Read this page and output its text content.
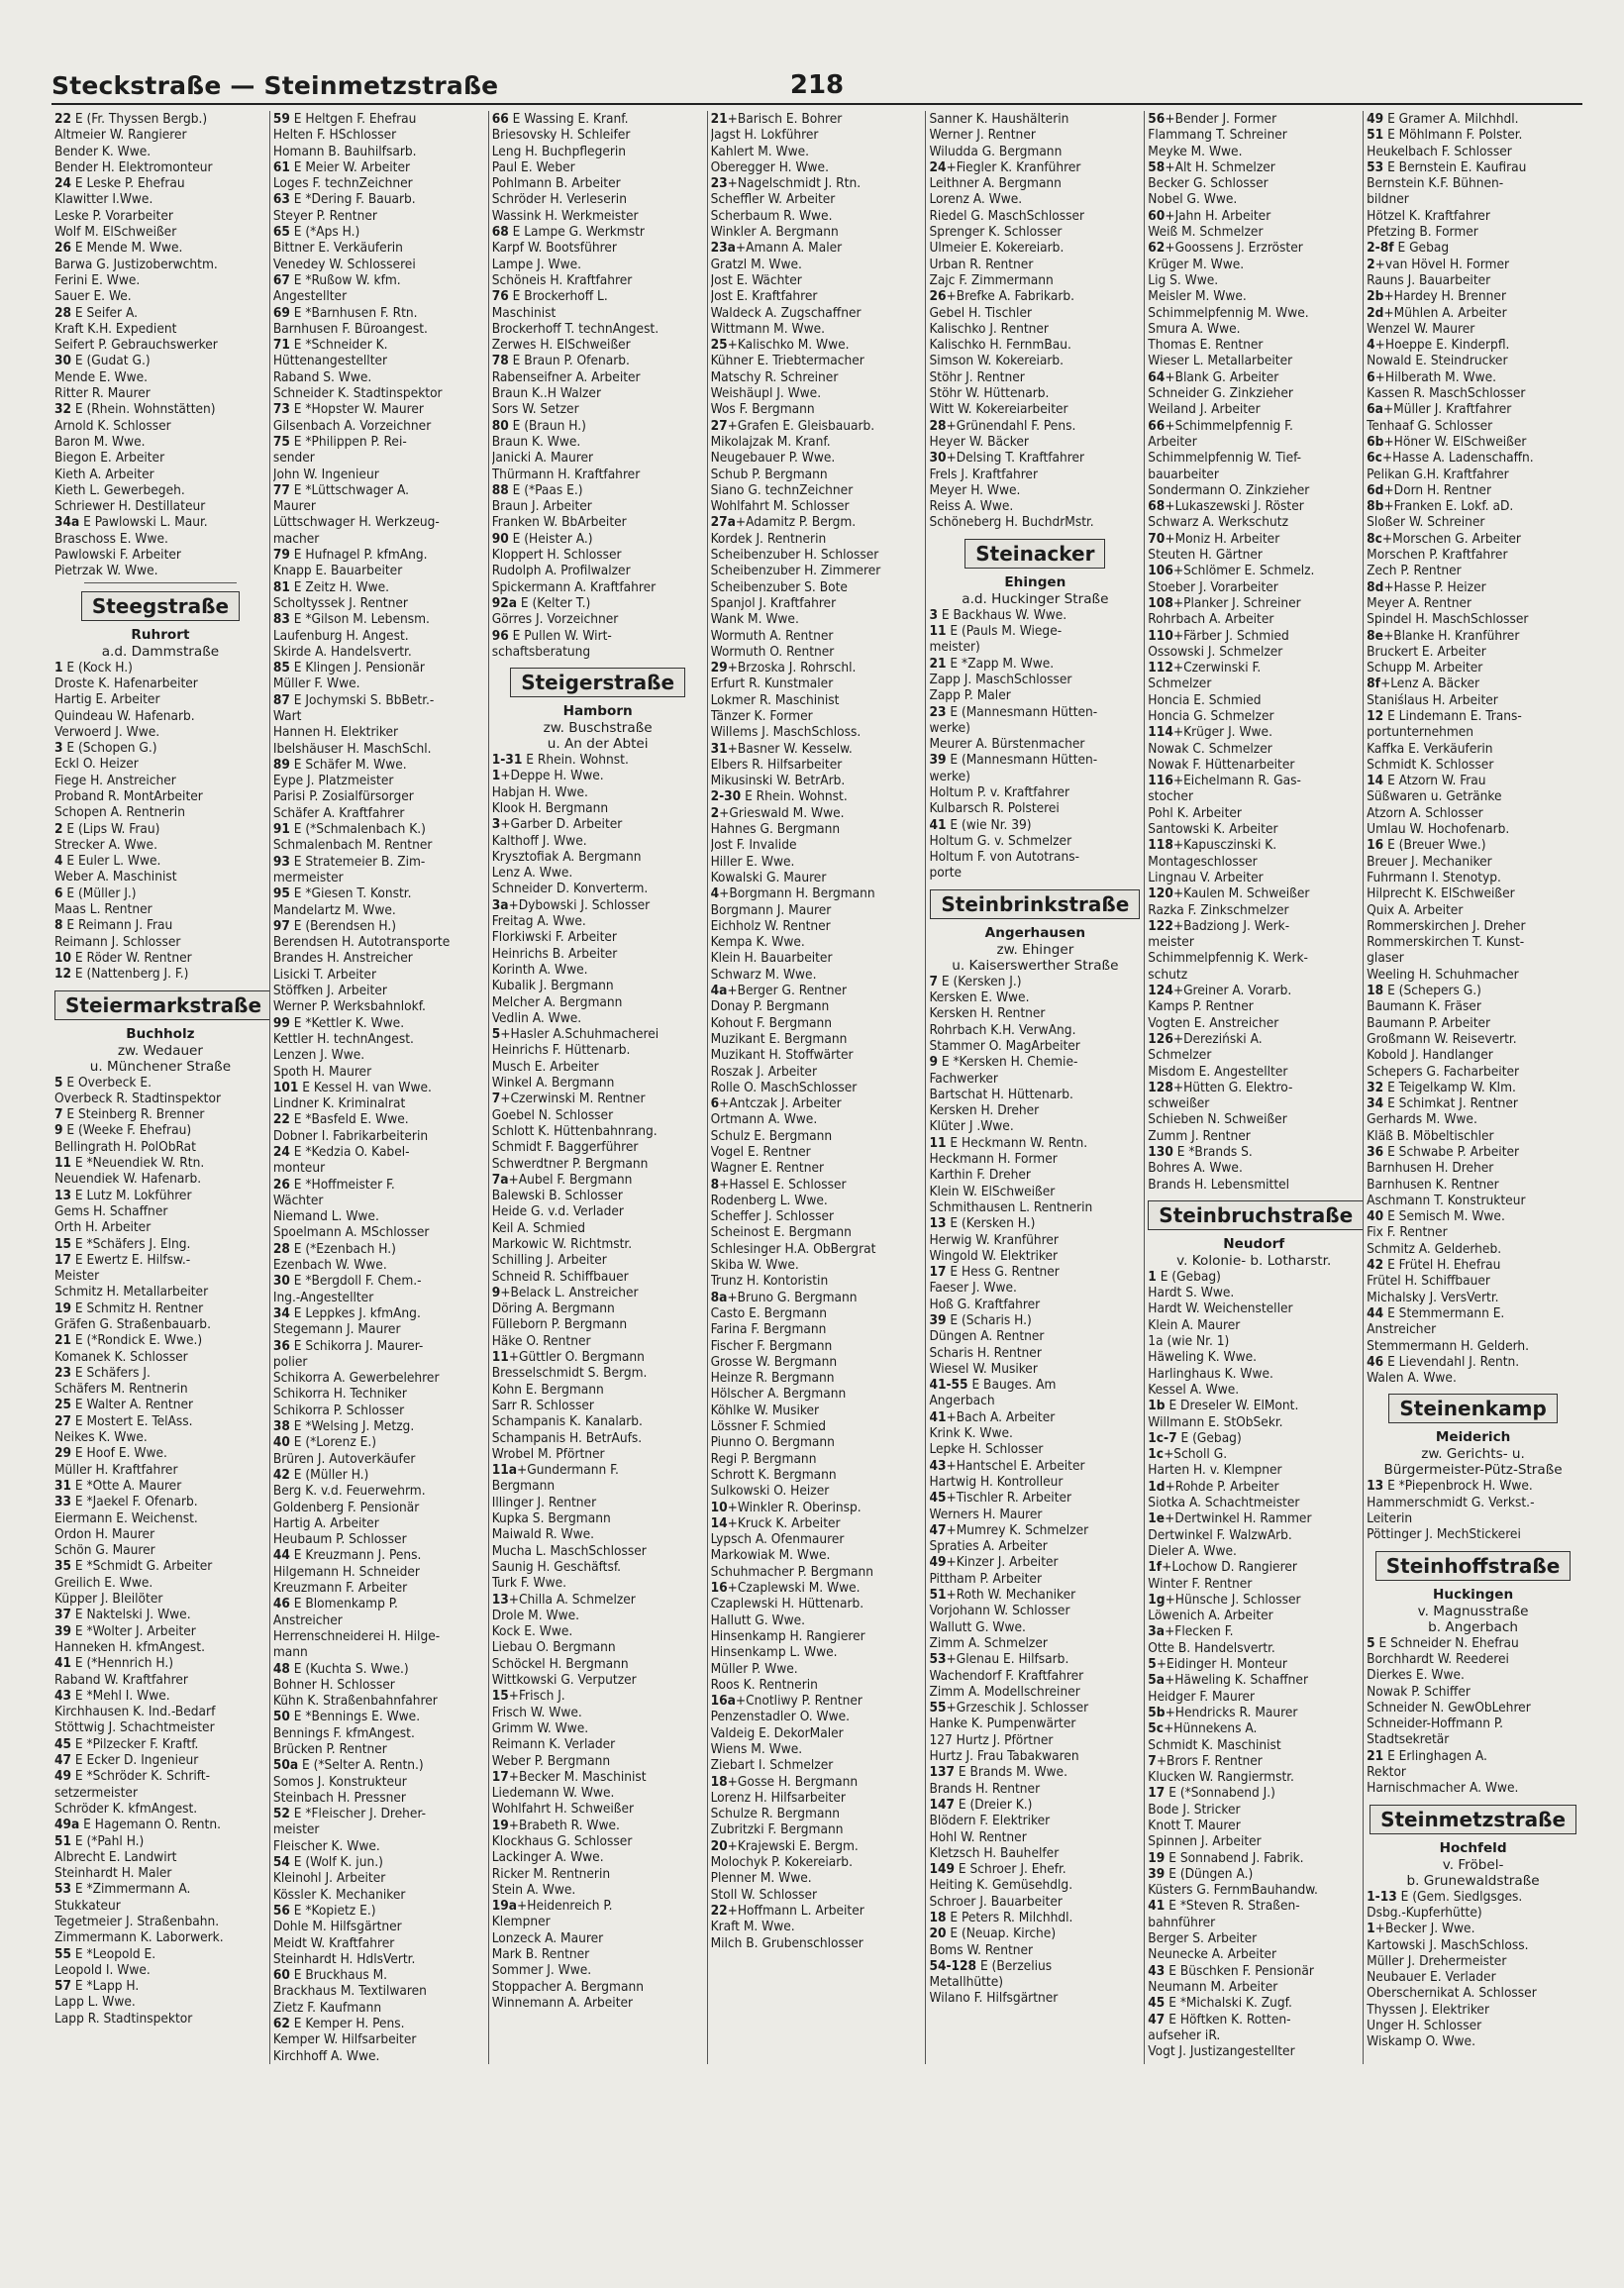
Steckstraße — Steinmetzstraße	218
22 E (Fr. Thyssen Bergb.)
Altmeier W. Rangierer
Bender K. Wwe.
Bender H. Elektromonteur
24 E Leske P. Ehefrau
Klawitter I.Wwe.
Leske P. Vorarbeiter
Wolf M. ElSchweißer
26 E Mende M. Wwe.
Barwa G. Justizoberwchtm.
Ferini E. Wwe.
Sauer E. We.
28 E Seifer A.
Kraft K.H. Expedient
Seifert P. Gebrauchswerker
30 E (Gudat G.)
Mende E. Wwe.
Ritter R. Maurer
32 E (Rhein. Wohnstätten)
Arnold K. Schlosser
Baron M. Wwe.
Biegon E. Arbeiter
Kieth A. Arbeiter
Kieth L. Gewerbegeh.
Schriewer H. Destillateur
34a E Pawlowski L. Maur.
Braschoss E. Wwe.
Pawlowski F. Arbeiter
Pietrzak W. Wwe.
Steegstraße
Ruhrort
a.d. Dammstraße
1 E (Kock H.)
Droste K. Hafenarbeiter
Hartig E. Arbeiter
Quindeau W. Hafenarb.
Verwoerd J. Wwe.
3 E (Schopen G.)
Eckl O. Heizer
Fiege H. Anstreicher
Proband R. MontArbeiter
Schopen A. Rentnerin
2 E (Lips W. Frau)
Strecker A. Wwe.
4 E Euler L. Wwe.
Weber A. Maschinist
6 E (Müller J.)
Maas L. Rentner
8 E Reimann J. Frau
Reimann J. Schlosser
10 E Röder W. Rentner
12 E (Nattenberg J. F.)
Steiermarkstraße
Buchholz
zw. Wedauer
u. Münchener Straße
5 E Overbeck E.
Overbeck R. Stadtinspektor
7 E Steinberg R. Brenner
9 E (Weeke F. Ehefrau)
Bellingrath H. PolObRat
11 E *Neuendiek W. Rtn.
Neuendiek W. Hafenarb.
13 E Lutz M. Lokführer
Gems H. Schaffner
Orth H. Arbeiter
15 E *Schäfers J. Elng.
17 E Ewertz E. Hilfsw.-
Meister
Schmitz H. Metallarbeiter
19 E Schmitz H. Rentner
Gräfen G. Straßenbauarb.
21 E (*Rondick E. Wwe.)
Komanek K. Schlosser
23 E Schäfers J.
Schäfers M. Rentnerin
25 E Walter A. Rentner
27 E Mostert E. TelAss.
Neikes K. Wwe.
29 E Hoof E. Wwe.
Müller H. Kraftfahrer
31 E *Otte A. Maurer
33 E *Jaekel F. Ofenarb.
Eiermann E. Weichenst.
Ordon H. Maurer
Schön G. Maurer
35 E *Schmidt G. Arbeiter
Greilich E. Wwe.
Küpper J. Bleilöter
37 E Naktelski J. Wwe.
39 E *Wolter J. Arbeiter
Hanneken H. kfmAngest.
41 E (*Hennrich H.)
Raband W. Kraftfahrer
43 E *Mehl I. Wwe.
Kirchhausen K. Ind.-Bedarf
Stöttwig J. Schachtmeister
45 E *Pilzecker F. Kraftf.
47 E Ecker D. Ingenieur
49 E *Schröder K. Schrift-
setzermeister
Schröder K. kfmAngest.
49a E Hagemann O. Rentn.
51 E (*Pahl H.)
Albrecht E. Landwirt
Steinhardt H. Maler
53 E *Zimmermann A.
Stukkateur
Tegetmeier J. Straßenbahn.
Zimmermann K. Laborwerk.
55 E *Leopold E.
Leopold I. Wwe.
57 E *Lapp H.
Lapp L. Wwe.
Lapp R. Stadtinspektor
59 E Heltgen F. Ehefrau
Helten F. HSchlosser
Homann B. Bauhilfsarb.
61 E Meier W. Arbeiter
Loges F. technZeichner
63 E *Dering F. Bauarb.
Steyer P. Rentner
65 E (*Aps H.)
Bittner E. Verkäuferin
Venedey W. Schlosserei
67 E *Rußow W. kfm.
Angestellter
69 E *Barnhusen F. Rtn.
Barnhusen F. Büroangest.
71 E *Schneider K.
Hüttenangestellter
Raband S. Wwe.
Schneider K. Stadtinspektor
73 E *Hopster W. Maurer
Gilsenbach A. Vorzeichner
75 E *Philippen P. Rei-
sender
John W. Ingenieur
77 E *Lüttschwager A.
Maurer
Lüttschwager H. Werkzeug-
macher
79 E Hufnagel P. kfmAng.
Knapp E. Bauarbeiter
81 E Zeitz H. Wwe.
Scholtyssek J. Rentner
83 E *Gilson M. Lebensm.
Laufenburg H. Angest.
Skirde A. Handelsvertr.
85 E Klingen J. Pensionär
Müller F. Wwe.
87 E Jochymski S. BbBetr.-
Wart
Hannen H. Elektriker
Ibelshäuser H. MaschSchl.
89 E Schäfer M. Wwe.
Eype J. Platzmeister
Parisi P. Zosialfürsorger
Schäfer A. Kraftfahrer
91 E (*Schmalenbach K.)
Schmalenbach M. Rentner
93 E Stratemeier B. Zim-
mermeister
95 E *Giesen T. Konstr.
Mandelartz M. Wwe.
97 E (Berendsen H.)
Berendsen H. Autotransporte
Brandes H. Anstreicher
Lisicki T. Arbeiter
Stöffken J. Arbeiter
Werner P. Werksbahnlokf.
99 E *Kettler K. Wwe.
Kettler H. technAngest.
Lenzen J. Wwe.
Spoth H. Maurer
101 E Kessel H. van Wwe.
Lindner K. Kriminalrat
22 E *Basfeld E. Wwe.
Dobner I. Fabrikarbeiterin
24 E *Kedzia O. Kabel-
monteur
26 E *Hoffmeister F.
Wächter
Niemand L. Wwe.
Spoelmann A. MSchlosser
28 E (*Ezenbach H.)
Ezenbach W. Wwe.
30 E *Bergdoll F. Chem.-
Ing.-Angestellter
34 E Leppkes J. kfmAng.
Stegemann J. Maurer
36 E Schikorra J. Maurer-
polier
Schikorra A. Gewerbelehrer
Schikorra H. Techniker
Schikorra P. Schlosser
38 E *Welsing J. Metzg.
40 E (*Lorenz E.)
Brüren J. Autoverkäufer
42 E (Müller H.)
Berg K. v.d. Feuerwehrm.
Goldenberg F. Pensionär
Hartig A. Arbeiter
Heubaum P. Schlosser
44 E Kreuzmann J. Pens.
Hilgemann H. Schneider
Kreuzmann F. Arbeiter
46 E Blomenkamp P.
Anstreicher
Herrenschneiderei H. Hilge-
mann
48 E (Kuchta S. Wwe.)
Bohner H. Schlosser
Kühn K. Straßenbahnfahrer
50 E *Bennings E. Wwe.
Bennings F. kfmAngest.
Brücken P. Rentner
50a E (*Selter A. Rentn.)
Somos J. Konstrukteur
Steinbach H. Pressner
52 E *Fleischer J. Dreher-
meister
Fleischer K. Wwe.
54 E (Wolf K. jun.)
Kleinohl J. Arbeiter
Kössler K. Mechaniker
56 E *Kopietz E.)
Dohle M. Hilfsgärtner
Meidt W. Kraftfahrer
Steinhardt H. HdlsVertr.
60 E Bruckhaus M.
Brackhaus M. Textilwaren
Zietz F. Kaufmann
62 E Kemper H. Pens.
Kemper W. Hilfsarbeiter
Kirchhoff A. Wwe.
66 E Wassing E. Kranf.
Briesovsky H. Schleifer
Leng H. Buchpflegerin
Paul E. Weber
Pohlmann B. Arbeiter
Schröder H. Verleserin
Wassink H. Werkmeister
68 E Lampe G. Werkmstr
Karpf W. Bootsführer
Lampe J. Wwe.
Schöneis H. Kraftfahrer
76 E Brockerhoff L.
Maschinist
Brockerhoff T. technAngest.
Zerwes H. ElSchweißer
78 E Braun P. Ofenarb.
Rabenseifner A. Arbeiter
Braun K..H Walzer
Sors W. Setzer
80 E (Braun H.)
Braun K. Wwe.
Janicki A. Maurer
Thürmann H. Kraftfahrer
88 E (*Paas E.)
Braun J. Arbeiter
Franken W. BbArbeiter
90 E (Heister A.)
Kloppert H. Schlosser
Rudolph A. Profilwalzer
Spickermann A. Kraftfahrer
92a E (Kelter T.)
Görres J. Vorzeichner
96 E Pullen W. Wirt-
schaftsberatung
Steigerstraße
Hamborn
zw. Buschstraße
u. An der Abtei
1-31 E Rhein. Wohnst.
1+Deppe H. Wwe.
Habjan H. Wwe.
Klook H. Bergmann
3+Garber D. Arbeiter
Kalthoff J. Wwe.
Krysztofiak A. Bergmann
Lenz A. Wwe.
Schneider D. Konverterm.
3a+Dybowski J. Schlosser
Freitag A. Wwe.
Florkiwski F. Arbeiter
Heinrichs B. Arbeiter
Korinth A. Wwe.
Kubalik J. Bergmann
Melcher A. Bergmann
Vedlin A. Wwe.
5+Hasler A.Schuhmacherei
Heinrichs F. Hüttenarb.
Musch E. Arbeiter
Winkel A. Bergmann
7+Czerwinski M. Rentner
Goebel N. Schlosser
Schlott K. Hüttenbahnrang.
Schmidt F. Baggerführer
Schwerdtner P. Bergmann
7a+Aubel F. Bergmann
Balewski B. Schlosser
Heide G. v.d. Verlader
Keil A. Schmied
Markowic W. Richtmstr.
Schilling J. Arbeiter
Schneid R. Schiffbauer
9+Belack L. Anstreicher
Döring A. Bergmann
Fülleborn P. Bergmann
Häke O. Rentner
11+Güttler O. Bergmann
Bresselschmidt S. Bergm.
Kohn E. Bergmann
Sarr R. Schlosser
Schampanis K. Kanalarb.
Schampanis H. BetrAufs.
Wrobel M. Pförtner
11a+Gundermann F.
Bergmann
Illinger J. Rentner
Kupka S. Bergmann
Maiwald R. Wwe.
Mucha L. MaschSchlosser
Saunig H. Geschäftsf.
Turk F. Wwe.
13+Chilla A. Schmelzer
Drole M. Wwe.
Kock E. Wwe.
Liebau O. Bergmann
Schöckel H. Bergmann
Wittkowski G. Verputzer
15+Frisch J.
Frisch W. Wwe.
Grimm W. Wwe.
Reimann K. Verlader
Weber P. Bergmann
17+Becker M. Maschinist
Liedemann W. Wwe.
Wohlfahrt H. Schweißer
19+Brabeth R. Wwe.
Klockhaus G. Schlosser
Lackinger A. Wwe.
Ricker M. Rentnerin
Stein A. Wwe.
19a+Heidenreich P.
Klempner
Lonzeck A. Maurer
Mark B. Rentner
Sommer J. Wwe.
Stoppacher A. Bergmann
Winnemann A. Arbeiter
21+Barisch E. Bohrer
Jagst H. Lokführer
Kahlert M. Wwe.
Oberegger H. Wwe.
23+Nagelschmidt J. Rtn.
Scheffler W. Arbeiter
Scherbaum R. Wwe.
Winkler A. Bergmann
23a+Amann A. Maler
Gratzl M. Wwe.
Jost E. Wächter
Jost E. Kraftfahrer
Waldeck A. Zugschaffner
Wittmann M. Wwe.
25+Kalischko M. Wwe.
Kühner E. Triebtermacher
Matschy R. Schreiner
Weishäupl J. Wwe.
Wos F. Bergmann
27+Grafen E. Gleisbauarb.
Mikolajzak M. Kranf.
Neugebauer P. Wwe.
Schub P. Bergmann
Siano G. technZeichner
Wohlfahrt M. Schlosser
27a+Adamitz P. Bergm.
Kordek J. Rentnerin
Scheibenzuber H. Schlosser
Scheibenzuber H. Zimmerer
Scheibenzuber S. Bote
Spanjol J. Kraftfahrer
Wank M. Wwe.
Wormuth A. Rentner
Wormuth O. Rentner
29+Brzoska J. Rohrschl.
Erfurt R. Kunstmaler
Lokmer R. Maschinist
Tänzer K. Former
Willems J. MaschSchloss.
31+Basner W. Kesselw.
Elbers R. Hilfsarbeiter
Mikusinski W. BetrArb.
2-30 E Rhein. Wohnst.
2+Grieswald M. Wwe.
Hahnes G. Bergmann
Jost F. Invalide
Hiller E. Wwe.
Kowalski G. Maurer
4+Borgmann H. Bergmann
Borgmann J. Maurer
Eichholz W. Rentner
Kempa K. Wwe.
Klein H. Bauarbeiter
Schwarz M. Wwe.
4a+Berger G. Rentner
Donay P. Bergmann
Kohout F. Bergmann
Muzikant E. Bergmann
Muzikant H. Stoffwärter
Roszak J. Arbeiter
Rolle O. MaschSchlosser
6+Antczak J. Arbeiter
Ortmann A. Wwe.
Schulz E. Bergmann
Vogel E. Rentner
Wagner E. Rentner
8+Hassel E. Schlosser
Rodenberg L. Wwe.
Scheffer J. Schlosser
Scheinost E. Bergmann
Schlesinger H.A. ObBergrat
Skiba W. Wwe.
Trunz H. Kontoristin
8a+Bruno G. Bergmann
Casto E. Bergmann
Farina F. Bergmann
Fischer F. Bergmann
Grosse W. Bergmann
Heinze R. Bergmann
Hölscher A. Bergmann
Köhlke W. Musiker
Lössner F. Schmied
Piunno O. Bergmann
Regi P. Bergmann
Schrott K. Bergmann
Sulkowski O. Heizer
10+Winkler R. Oberinsp.
14+Kruck K. Arbeiter
Lypsch A. Ofenmaurer
Markowiak M. Wwe.
Schuhmacher P. Bergmann
16+Czaplewski M. Wwe.
Czaplewski H. Hüttenarb.
Hallutt G. Wwe.
Hinsenkamp H. Rangierer
Hinsenkamp L. Wwe.
Müller P. Wwe.
Roos K. Rentnerin
16a+Cnotliwy P. Rentner
Penzenstadler O. Wwe.
Valdeig E. DekorMaler
Wiens M. Wwe.
Ziebart I. Schmelzer
18+Gosse H. Bergmann
Lorenz H. Hilfsarbeiter
Schulze R. Bergmann
Zubritzki F. Bergmann
20+Krajewski E. Bergm.
Molochyk P. Kokereiarb.
Plenner M. Wwe.
Stoll W. Schlosser
22+Hoffmann L. Arbeiter
Kraft M. Wwe.
Milch B. Grubenschlosser
Sanner K. Haushälterin
Werner J. Rentner
Wiludda G. Bergmann
24+Fiegler K. Kranführer
Leithner A. Bergmann
Lorenz A. Wwe.
Riedel G. MaschSchlosser
Sprenger K. Schlosser
Ulmeier E. Kokereiarb.
Urban R. Rentner
Zajc F. Zimmermann
26+Brefke A. Fabrikarb.
Gebel H. Tischler
Kalischko J. Rentner
Kalischko H. FernmBau.
Simson W. Kokereiarb.
Stöhr J. Rentner
Stöhr W. Hüttenarb.
Witt W. Kokereiarbeiter
28+Grünendahl F. Pens.
Heyer W. Bäcker
30+Delsing T. Kraftfahrer
Frels J. Kraftfahrer
Meyer H. Wwe.
Reiss A. Wwe.
Schöneberg H. BuchdrMstr.
Steinacker
Ehingen
a.d. Huckinger Straße
3 E Backhaus W. Wwe.
11 E (Pauls M. Wiege-
meister)
21 E *Zapp M. Wwe.
Zapp J. MaschSchlosser
Zapp P. Maler
23 E (Mannesmann Hütten-
werke)
Meurer A. Bürstenmacher
39 E (Mannesmann Hütten-
werke)
Holtum P. v. Kraftfahrer
Kulbarsch R. Polsterei
41 E (wie Nr. 39)
Holtum G. v. Schmelzer
Holtum F. von Autotrans-
porte
Steinbrinkstraße
Angerhausen
zw. Ehinger
u. Kaiserswerther Straße
7 E (Kersken J.)
Kersken E. Wwe.
Kersken H. Rentner
Rohrbach K.H. VerwAng.
Stammer O. MagArbeiter
9 E *Kersken H. Chemie-
Fachwerker
Bartschat H. Hüttenarb.
Kersken H. Dreher
Klüter J .Wwe.
11 E Heckmann W. Rentn.
Heckmann H. Former
Karthin F. Dreher
Klein W. ElSchweißer
Schmithausen L. Rentnerin
13 E (Kersken H.)
Herwig W. Kranführer
Wingold W. Elektriker
17 E Hess G. Rentner
Faeser J. Wwe.
Hoß G. Kraftfahrer
39 E (Scharis H.)
Düngen A. Rentner
Scharis H. Rentner
Wiesel W. Musiker
41-55 E Bauges. Am
Angerbach
41+Bach A. Arbeiter
Krink K. Wwe.
Lepke H. Schlosser
43+Hantschel E. Arbeiter
Hartwig H. Kontrolleur
45+Tischler R. Arbeiter
Werners H. Maurer
47+Mumrey K. Schmelzer
Spraties A. Arbeiter
49+Kinzer J. Arbeiter
Pittham P. Arbeiter
51+Roth W. Mechaniker
Vorjohann W. Schlosser
Wallutt G. Wwe.
Zimm A. Schmelzer
53+Glenau E. Hilfsarb.
Wachendorf F. Kraftfahrer
Zimm A. Modellschreiner
55+Grzeschik J. Schlosser
Hanke K. Pumpenwärter
127 Hurtz J. Pförtner
Hurtz J. Frau Tabakwaren
137 E Brands M. Wwe.
Brands H. Rentner
147 E (Dreier K.)
Blödern F. Elektriker
Hohl W. Rentner
Kletzsch H. Bauhelfer
149 E Schroer J. Ehefr.
Heiting K. Gemüsehdlg.
Schroer J. Bauarbeiter
18 E Peters R. Milchhdl.
20 E (Neuap. Kirche)
Boms W. Rentner
54-128 E (Berzelius
Metallhütte)
Wilano F. Hilfsgärtner
56+Bender J. Former
Flammang T. Schreiner
Meyke M. Wwe.
58+Alt H. Schmelzer
Becker G. Schlosser
Nobel G. Wwe.
60+Jahn H. Arbeiter
Weiß M. Schmelzer
62+Goossens J. Erzröster
Krüger M. Wwe.
Lig S. Wwe.
Meisler M. Wwe.
Schimmelpfennig M. Wwe.
Smura A. Wwe.
Thomas E. Rentner
Wieser L. Metallarbeiter
64+Blank G. Arbeiter
Schneider G. Zinkzieher
Weiland J. Arbeiter
66+Schimmelpfennig F.
Arbeiter
Schimmelpfennig W. Tief-
bauarbeiter
Sondermann O. Zinkzieher
68+Lukaszewski J. Röster
Schwarz A. Werkschutz
70+Moniz H. Arbeiter
Steuten H. Gärtner
106+Schlömer E. Schmelz.
Stoeber J. Vorarbeiter
108+Planker J. Schreiner
Rohrbach A. Arbeiter
110+Färber J. Schmied
Ossowski J. Schmelzer
112+Czerwinski F.
Schmelzer
Honcia E. Schmied
Honcia G. Schmelzer
114+Krüger J. Wwe.
Nowak C. Schmelzer
Nowak F. Hüttenarbeiter
116+Eichelmann R. Gas-
stocher
Pohl K. Arbeiter
Santowski K. Arbeiter
118+Kapusczinski K.
Montageschlosser
Lingnau V. Arbeiter
120+Kaulen M. Schweißer
Razka F. Zinkschmelzer
122+Badziong J. Werk-
meister
Schimmelpfennig K. Werk-
schutz
124+Greiner A. Vorarb.
Kamps P. Rentner
Vogten E. Anstreicher
126+Dereziński A.
Schmelzer
Misdom E. Angestellter
128+Hütten G. Elektro-
schweißer
Schieben N. Schweißer
Zumm J. Rentner
130 E *Brands S.
Bohres A. Wwe.
Brands H. Lebensmittel
Steinbruchstraße
Neudorf
v. Kolonie- b. Lotharstr.
1 E (Gebag)
Hardt S. Wwe.
Hardt W. Weichensteller
Klein A. Maurer
1a (wie Nr. 1)
Häweling K. Wwe.
Harlinghaus K. Wwe.
Kessel A. Wwe.
1b E Dreseler W. ElMont.
Willmann E. StObSekr.
1c-7 E (Gebag)
1c+Scholl G.
Harten H. v. Klempner
1d+Rohde P. Arbeiter
Siotka A. Schachtmeister
1e+Dertwinkel H. Rammer
Dertwinkel F. WalzwArb.
Dieler A. Wwe.
1f+Lochow D. Rangierer
Winter F. Rentner
1g+Hünsche J. Schlosser
Löwenich A. Arbeiter
3a+Flecken F.
Otte B. Handelsvertr.
5+Eidinger H. Monteur
5a+Häweling K. Schaffner
Heidger F. Maurer
5b+Hendricks R. Maurer
5c+Hünnekens A.
Schmidt K. Maschinist
7+Brors F. Rentner
Klucken W. Rangiermstr.
17 E (*Sonnabend J.)
Bode J. Stricker
Knott T. Maurer
Spinnen J. Arbeiter
19 E Sonnabend J. Fabrik.
39 E (Düngen A.)
Küsters G. FernmBauhandw.
41 E *Steven R. Straßen-
bahnführer
Berger S. Arbeiter
Neunecke A. Arbeiter
43 E Büschken F. Pensionär
Neumann M. Arbeiter
45 E *Michalski K. Zugf.
47 E Höftken K. Rotten-
aufseher iR.
Vogt J. Justizangestellter
49 E Gramer A. Milchhdl.
51 E Möhlmann F. Polster.
Heukelbach F. Schlosser
53 E Bernstein E. Kaufirau
Bernstein K.F. Bühnen-
bildner
Hötzel K. Kraftfahrer
Pfetzing B. Former
2-8f E Gebag
2+van Hövel H. Former
Rauns J. Bauarbeiter
2b+Hardey H. Brenner
2d+Mühlen A. Arbeiter
Wenzel W. Maurer
4+Hoeppe E. Kinderpfl.
Nowald E. Steindrucker
6+Hilberath M. Wwe.
Kassen R. MaschSchlosser
6a+Müller J. Kraftfahrer
Tenhaaf G. Schlosser
6b+Höner W. ElSchweißer
6c+Hasse A. Ladenschaffn.
Pelikan G.H. Kraftfahrer
6d+Dorn H. Rentner
8b+Franken E. Lokf. aD.
Sloßer W. Schreiner
8c+Morschen G. Arbeiter
Morschen P. Kraftfahrer
Zech P. Rentner
8d+Hasse P. Heizer
Meyer A. Rentner
Spindel H. MaschSchlosser
8e+Blanke H. Kranführer
Bruckert E. Arbeiter
Schupp M. Arbeiter
8f+Lenz A. Bäcker
Staniślaus H. Arbeiter
12 E Lindemann E. Trans-
portunternehmen
Kaffka E. Verkäuferin
Schmidt K. Schlosser
14 E Atzorn W. Frau
Süßwaren u. Getränke
Atzorn A. Schlosser
Umlau W. Hochofenarb.
16 E (Breuer Wwe.)
Breuer J. Mechaniker
Fuhrmann I. Stenotyp.
Hilprecht K. ElSchweißer
Quix A. Arbeiter
Rommerskirchen J. Dreher
Rommerskirchen T. Kunst-
glaser
Weeling H. Schuhmacher
18 E (Schepers G.)
Baumann K. Fräser
Baumann P. Arbeiter
Großmann W. Reisevertr.
Kobold J. Handlanger
Schepers G. Facharbeiter
32 E Teigelkamp W. Klm.
34 E Schimkat J. Rentner
Gerhards M. Wwe.
Kläß B. Möbeltischler
36 E Schwabe P. Arbeiter
Barnhusen H. Dreher
Barnhusen K. Rentner
Aschmann T. Konstrukteur
40 E Semisch M. Wwe.
Fix F. Rentner
Schmitz A. Gelderheb.
42 E Frütel H. Ehefrau
Frütel H. Schiffbauer
Michalsky J. VersVertr.
44 E Stemmermann E.
Anstreicher
Stemmermann H. Gelderh.
46 E Lievendahl J. Rentn.
Walen A. Wwe.
Steinenkamp
Meiderich
zw. Gerichts- u.
Bürgermeister-Pütz-Straße
13 E *Piepenbrock H. Wwe.
Hammerschmidt G. Verkst.-
Leiterin
Pöttinger J. MechStickerei
Steinhoffstraße
Huckingen
v. Magnusstraße
b. Angerbach
5 E Schneider N. Ehefrau
Borchhardt W. Reederei
Dierkes E. Wwe.
Nowak P. Schiffer
Schneider N. GewObLehrer
Schneider-Hoffmann P.
Stadtsekretär
21 E Erlinghagen A.
Rektor
Harnischmacher A. Wwe.
Steinmetzstraße
Hochfeld
v. Fröbel-
b. Grunewaldstraße
1-13 E (Gem. Siedlgsges.
Dsbg.-Kupferhütte)
1+Becker J. Wwe.
Kartowski J. MaschSchloss.
Müller J. Drehermeister
Neubauer E. Verlader
Oberschernikat A. Schlosser
Thyssen J. Elektriker
Unger H. Schlosser
Wiskamp O. Wwe.
